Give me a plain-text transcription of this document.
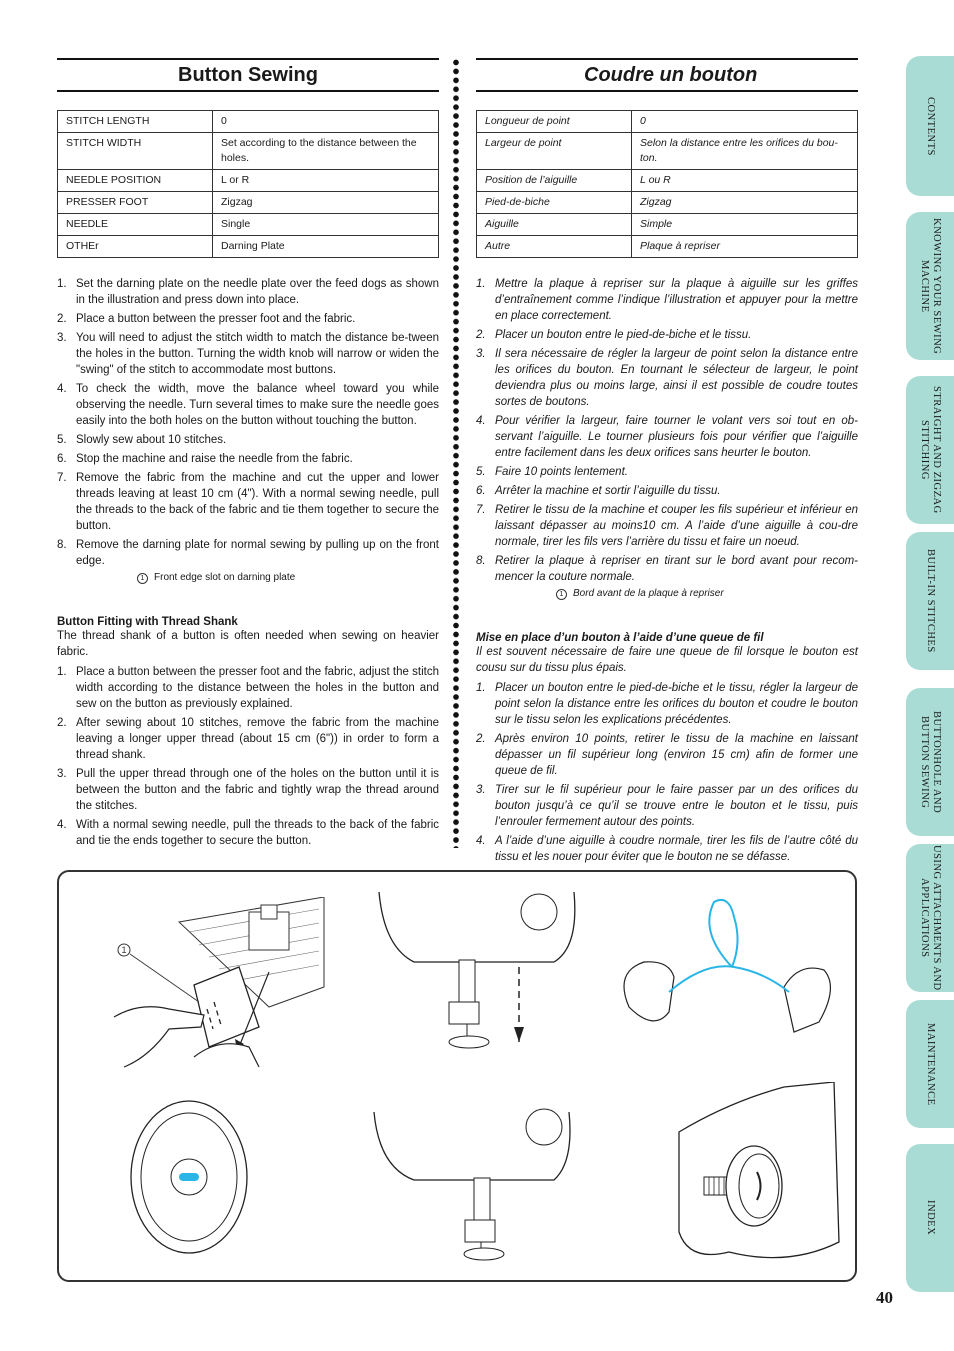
Button Sewing
STITCH LENGTH	0
STITCH WIDTH	Set according to the distance between the holes.
NEEDLE POSITION	L or R
PRESSER FOOT	Zigzag
NEEDLE	Single
OTHEr	Darning Plate
1. Set the darning plate on the needle plate over the feed dogs as shown in the illustration and press down into place.
2. Place a button between the presser foot and the fabric.
3. You will need to adjust the stitch width to match the distance be-tween the holes in the button. Turning the width knob will narrow or widen the "swing" of the stitch to accommodate most buttons.
4. To check the width, move the balance wheel toward you while observing the needle. Turn several times to make sure the needle goes easily into the both holes on the button without touching the button.
5. Slowly sew about 10 stitches.
6. Stop the machine and raise the needle from the fabric.
7. Remove the fabric from the machine and cut the upper and lower threads leaving at least 10 cm (4"). With a normal sewing needle, pull the threads to the back of the fabric and tie them together to secure the button.
8. Remove the darning plate for normal sewing by pulling up on the front edge.
1 Front edge slot on darning plate
Button Fitting with Thread Shank
The thread shank of a button is often needed when sewing on heavier fabric.
1. Place a button between the presser foot and the fabric, adjust the stitch width according to the distance between the holes in the button and sew on the button as previously explained.
2. After sewing about 10 stitches, remove the fabric from the machine leaving a longer upper thread (about 15 cm (6")) in order to form a thread shank.
3. Pull the upper thread through one of the holes on the button until it is between the button and the fabric and tightly wrap the thread around the stitches.
4. With a normal sewing needle, pull the threads to the back of the fabric and tie the ends together to secure the button.
Coudre un bouton
Longueur de point	0
Largeur de point	Selon la distance entre les orifices du bou-ton.
Position de l’aiguille	L ou R
Pied-de-biche	Zigzag
Aiguille	Simple
Autre	Plaque à repriser
1. Mettre la plaque à repriser sur la plaque à aiguille sur les griffes d’entraînement comme l’indique l’illustration et appuyer pour la mettre en place correctement.
2. Placer un bouton entre le pied-de-biche et le tissu.
3. Il sera nécessaire de régler la largeur de point selon la distance entre les orifices du bouton. En tournant le sélecteur de largeur, le point deviendra plus ou moins large, ainsi il est possible de coudre toutes sortes de boutons.
4. Pour vérifier la largeur, faire tourner le volant vers soi tout en ob-servant l’aiguille. Le tourner plusieurs fois pour vérifier que l’aiguille entre facilement dans les deux orifices sans heurter le bouton.
5. Faire 10 points lentement.
6. Arrêter la machine et sortir l’aiguille du tissu.
7. Retirer le tissu de la machine et couper les fils supérieur et inférieur en laissant dépasser au moins10 cm. A l’aide d’une aiguille à cou-dre normale, tirer les fils vers l’arrière du tissu et faire un noeud.
8. Retirer la plaque à repriser en tirant sur le bord avant pour recom-mencer la couture normale.
1 Bord avant de la plaque à repriser
Mise en place d’un bouton à l’aide d’une queue de fil
Il est souvent nécessaire de faire une queue de fil lorsque le bouton est cousu sur du tissu plus épais.
1. Placer un bouton entre le pied-de-biche et le tissu, régler la largeur de point selon la distance entre les orifices du bouton et coudre le bouton sur le tissu selon les explications précédentes.
2. Après environ 10 points, retirer le tissu de la machine en laissant dépasser un fil supérieur long (environ 15 cm) afin de former une queue de fil.
3. Tirer sur le fil supérieur pour le faire passer par un des orifices du bouton jusqu’à ce qu’il se trouve entre le bouton et le tissu, puis l’enrouler fermement autour des points.
4. A l’aide d’une aiguille à coudre normale, tirer les fils de l’autre côté du tissu et les nouer pour éviter que le bouton ne se défasse.
CONTENTS
KNOWING YOUR SEWING MACHINE
STRAIGHT AND ZIGZAG STITCHING
BUILT-IN STITCHES
BUTTONHOLE AND BUTTON SEWING
USING ATTACHMENTS AND APPLICATIONS
MAINTENANCE
INDEX
40
1
